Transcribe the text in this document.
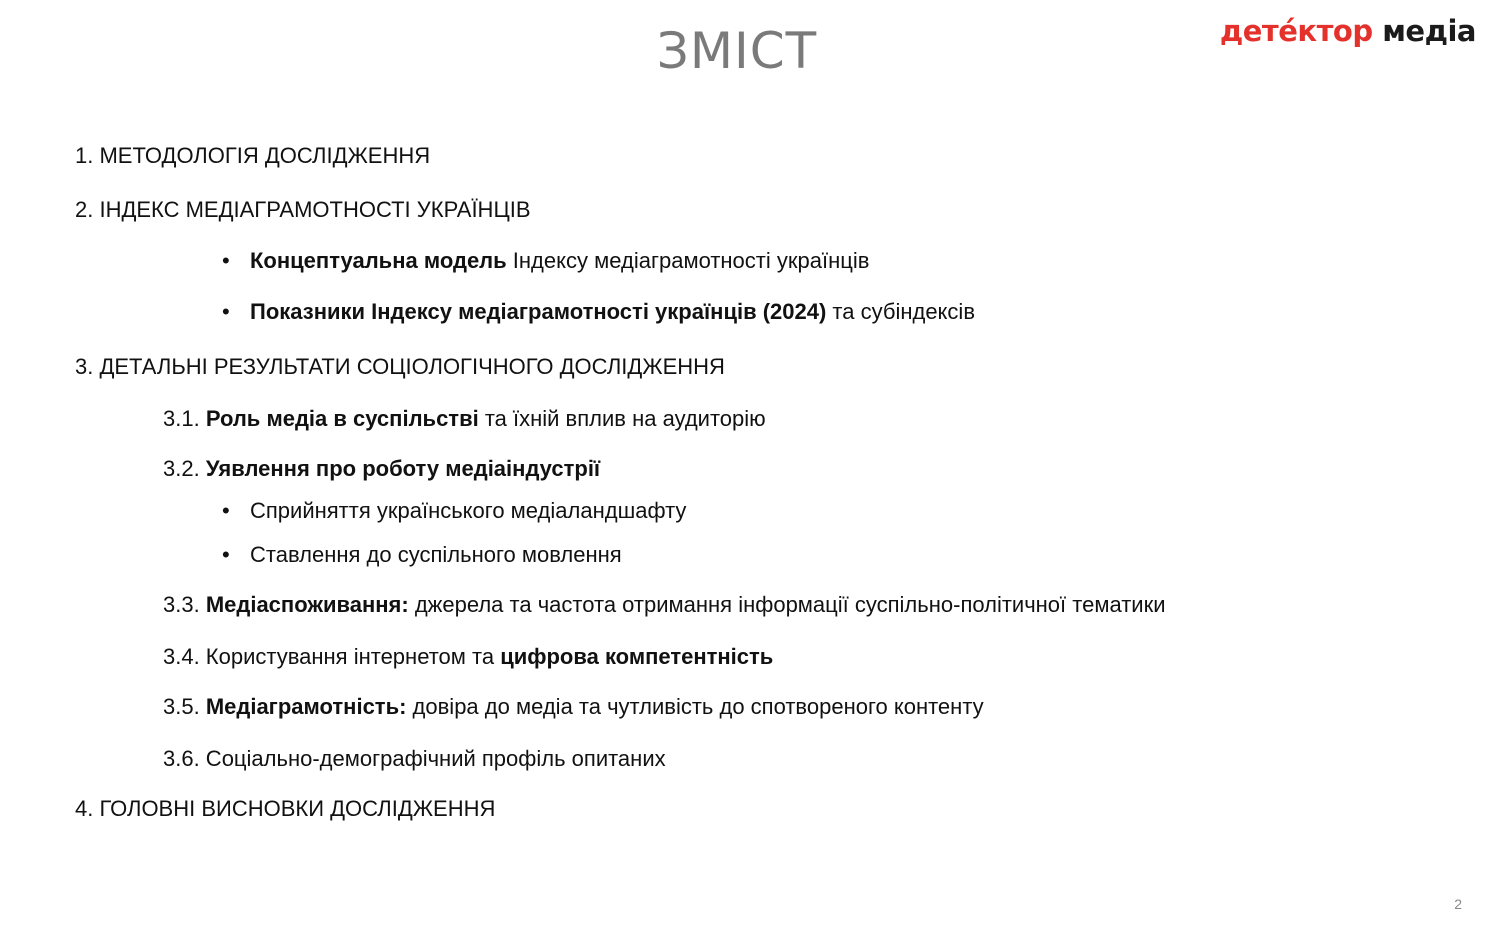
ЗМІСТ	детéктор медіа
1. МЕТОДОЛОГІЯ ДОСЛІДЖЕННЯ
2. ІНДЕКС МЕДІАГРАМОТНОСТІ УКРАЇНЦІВ
• Концептуальна модель Індексу медіаграмотності українців
• Показники Індексу медіаграмотності українців (2024) та субіндексів
3. ДЕТАЛЬНІ РЕЗУЛЬТАТИ СОЦІОЛОГІЧНОГО ДОСЛІДЖЕННЯ
3.1. Роль медіа в суспільстві та їхній вплив на аудиторію
3.2. Уявлення про роботу медіаіндустрії
• Сприйняття українського медіаландшафту
• Ставлення до суспільного мовлення
3.3. Медіаспоживання: джерела та частота отримання інформації суспільно-політичної тематики
3.4. Користування інтернетом та цифрова компетентність
3.5. Медіаграмотність: довіра до медіа та чутливість до спотвореного контенту
3.6. Соціально-демографічний профіль опитаних
4. ГОЛОВНІ ВИСНОВКИ ДОСЛІДЖЕННЯ
2
